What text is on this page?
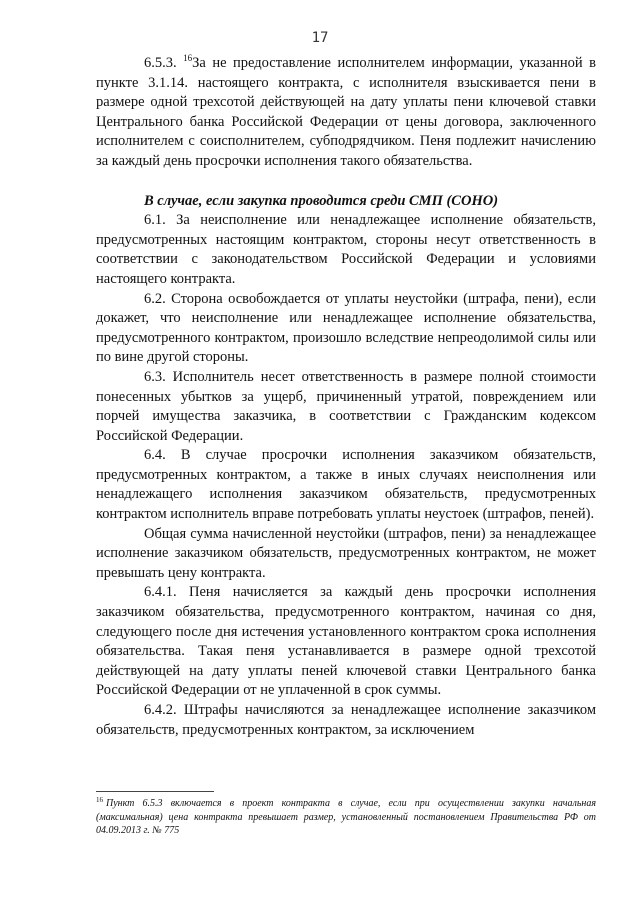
17

6.5.3. $^{16}$За не предоставление исполнителем информации, указанной в пункте 3.1.14. настоящего контракта, с исполнителя взыскивается пени в размере одной трехсотой действующей на дату уплаты пени ключевой ставки Центрального банка Российской Федерации от цены договора, заключенного исполнителем с соисполнителем, субподрядчиком. Пеня подлежит начислению за каждый день просрочки исполнения такого обязательства.

В случае, если закупка проводится среди СМП (СОНО)

6.1. За неисполнение или ненадлежащее исполнение обязательств, предусмотренных настоящим контрактом, стороны несут ответственность в соответствии с законодательством Российской Федерации и условиями настоящего контракта.

6.2. Сторона освобождается от уплаты неустойки (штрафа, пени), если докажет, что неисполнение или ненадлежащее исполнение обязательства, предусмотренного контрактом, произошло вследствие непреодолимой силы или по вине другой стороны.

6.3. Исполнитель несет ответственность в размере полной стоимости понесенных убытков за ущерб, причиненный утратой, повреждением или порчей имущества заказчика, в соответствии с Гражданским кодексом Российской Федерации.

6.4. В случае просрочки исполнения заказчиком обязательств, предусмотренных контрактом, а также в иных случаях неисполнения или ненадлежащего исполнения заказчиком обязательств, предусмотренных контрактом исполнитель вправе потребовать уплаты неустоек (штрафов, пеней).

Общая сумма начисленной неустойки (штрафов, пени) за ненадлежащее исполнение заказчиком обязательств, предусмотренных контрактом, не может превышать цену контракта.

6.4.1. Пеня начисляется за каждый день просрочки исполнения заказчиком обязательства, предусмотренного контрактом, начиная со дня, следующего после дня истечения установленного контрактом срока исполнения обязательства. Такая пеня устанавливается в размере одной трехсотой действующей на дату уплаты пеней ключевой ставки Центрального банка Российской Федерации от не уплаченной в срок суммы.

6.4.2. Штрафы начисляются за ненадлежащее исполнение заказчиком обязательств, предусмотренных контрактом, за исключением

$^{16}$ Пункт 6.5.3 включается в проект контракта в случае, если при осуществлении закупки начальная (максимальная) цена контракта превышает размер, установленный постановлением Правительства РФ от 04.09.2013 г. № 775
